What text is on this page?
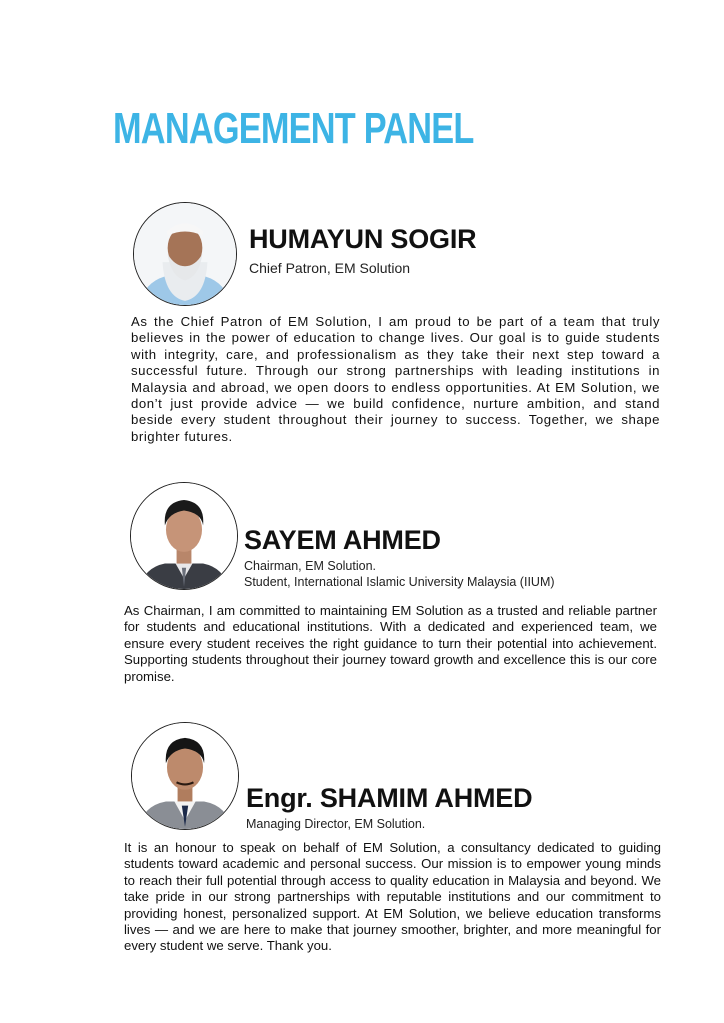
MANAGEMENT PANEL
HUMAYUN SOGIR
Chief Patron, EM Solution

As the Chief Patron of EM Solution, I am proud to be part of a team that truly believes in the power of education to change lives. Our goal is to guide students with integrity, care, and professionalism as they take their next step toward a successful future. Through our strong partnerships with leading institutions in Malaysia and abroad, we open doors to endless opportunities. At EM Solution, we don’t just provide advice — we build confidence, nurture ambition, and stand beside every student throughout their journey to success. Together, we shape brighter futures.

SAYEM AHMED
Chairman, EM Solution.
Student, International Islamic University Malaysia (IIUM)

As Chairman, I am committed to maintaining EM Solution as a trusted and reliable partner for students and educational institutions. With a dedicated and experienced team, we ensure every student receives the right guidance to turn their potential into achievement. Supporting students throughout their journey toward growth and excellence this is our core promise.

Engr. SHAMIM AHMED
Managing Director, EM Solution.

It is an honour to speak on behalf of EM Solution, a consultancy dedicated to guiding students toward academic and personal success. Our mission is to empower young minds to reach their full potential through access to quality education in Malaysia and beyond. We take pride in our strong partnerships with reputable institutions and our commitment to providing honest, personalized support. At EM Solution, we believe education transforms lives — and we are here to make that journey smoother, brighter, and more meaningful for every student we serve. Thank you.
